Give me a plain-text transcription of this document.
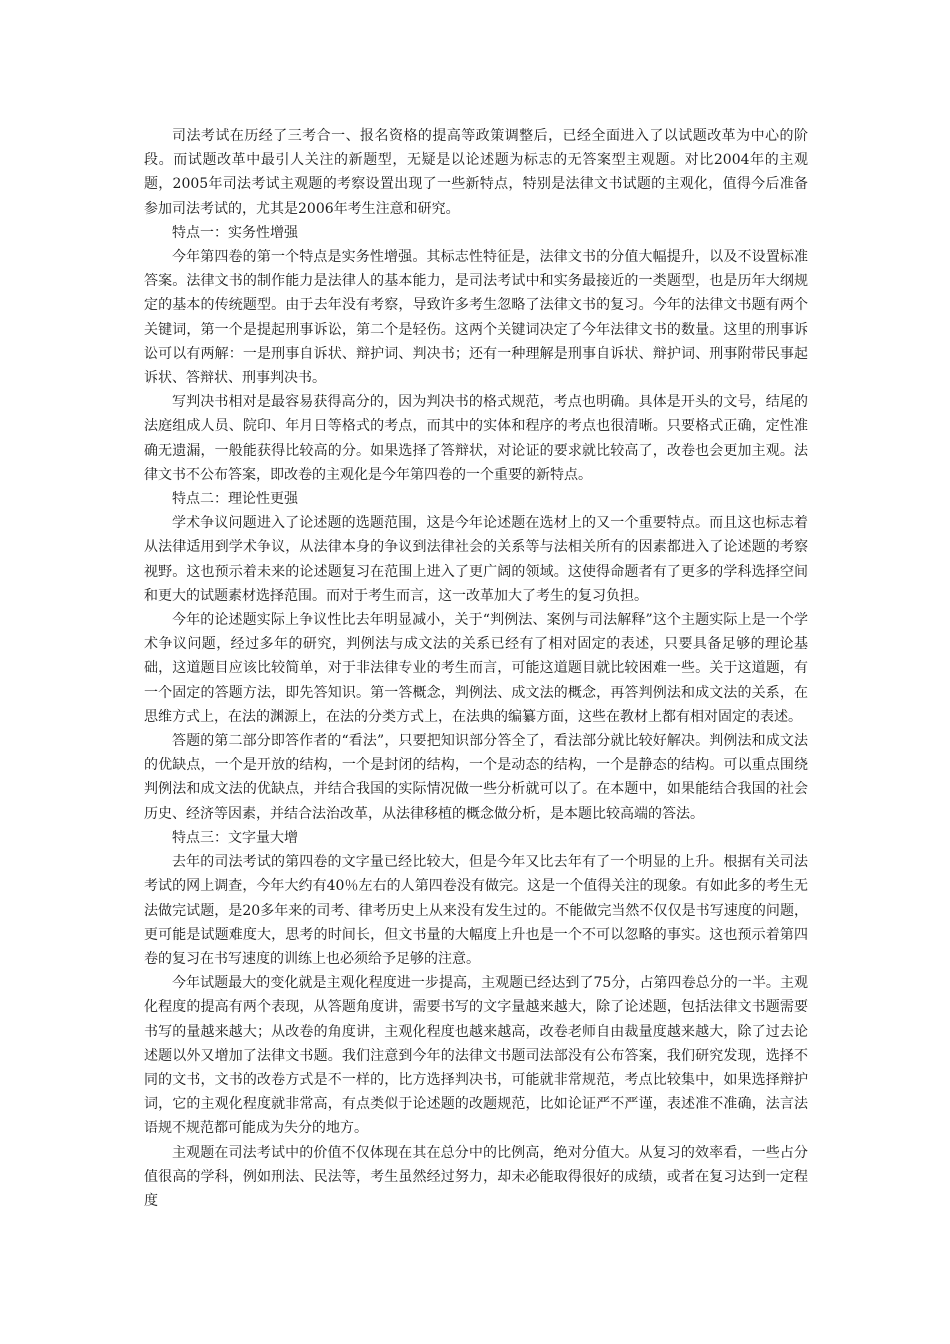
司法考试在历经了三考合一、报名资格的提高等政策调整后，已经全面进入了以试题改革为中心的阶段。而试题改革中最引人关注的新题型，无疑是以论述题为标志的无答案型主观题。对比2004年的主观题，2005年司法考试主观题的考察设置出现了一些新特点，特别是法律文书试题的主观化，值得今后准备参加司法考试的，尤其是2006年考生注意和研究。

特点一：实务性增强

今年第四卷的第一个特点是实务性增强。其标志性特征是，法律文书的分值大幅提升，以及不设置标准答案。法律文书的制作能力是法律人的基本能力，是司法考试中和实务最接近的一类题型，也是历年大纲规定的基本的传统题型。由于去年没有考察，导致许多考生忽略了法律文书的复习。今年的法律文书题有两个关键词，第一个是提起刑事诉讼，第二个是轻伤。这两个关键词决定了今年法律文书的数量。这里的刑事诉讼可以有两解：一是刑事自诉状、辩护词、判决书；还有一种理解是刑事自诉状、辩护词、刑事附带民事起诉状、答辩状、刑事判决书。

写判决书相对是最容易获得高分的，因为判决书的格式规范，考点也明确。具体是开头的文号，结尾的法庭组成人员、院印、年月日等格式的考点，而其中的实体和程序的考点也很清晰。只要格式正确，定性准确无遗漏，一般能获得比较高的分。如果选择了答辩状，对论证的要求就比较高了，改卷也会更加主观。法律文书不公布答案，即改卷的主观化是今年第四卷的一个重要的新特点。

特点二：理论性更强

学术争议问题进入了论述题的选题范围，这是今年论述题在选材上的又一个重要特点。而且这也标志着从法律适用到学术争议，从法律本身的争议到法律社会的关系等与法相关所有的因素都进入了论述题的考察视野。这也预示着未来的论述题复习在范围上进入了更广阔的领域。这使得命题者有了更多的学科选择空间和更大的试题素材选择范围。而对于考生而言，这一改革加大了考生的复习负担。

今年的论述题实际上争议性比去年明显减小，关于“判例法、案例与司法解释”这个主题实际上是一个学术争议问题，经过多年的研究，判例法与成文法的关系已经有了相对固定的表述，只要具备足够的理论基础，这道题目应该比较简单，对于非法律专业的考生而言，可能这道题目就比较困难一些。关于这道题，有一个固定的答题方法，即先答知识。第一答概念，判例法、成文法的概念，再答判例法和成文法的关系，在思维方式上，在法的渊源上，在法的分类方式上，在法典的编纂方面，这些在教材上都有相对固定的表述。

答题的第二部分即答作者的“看法”，只要把知识部分答全了，看法部分就比较好解决。判例法和成文法的优缺点，一个是开放的结构，一个是封闭的结构，一个是动态的结构，一个是静态的结构。可以重点围绕判例法和成文法的优缺点，并结合我国的实际情况做一些分析就可以了。在本题中，如果能结合我国的社会历史、经济等因素，并结合法治改革，从法律移植的概念做分析，是本题比较高端的答法。

特点三：文字量大增

去年的司法考试的第四卷的文字量已经比较大，但是今年又比去年有了一个明显的上升。根据有关司法考试的网上调查，今年大约有40％左右的人第四卷没有做完。这是一个值得关注的现象。有如此多的考生无法做完试题，是20多年来的司考、律考历史上从来没有发生过的。不能做完当然不仅仅是书写速度的问题，更可能是试题难度大，思考的时间长，但文书量的大幅度上升也是一个不可以忽略的事实。这也预示着第四卷的复习在书写速度的训练上也必须给予足够的注意。

今年试题最大的变化就是主观化程度进一步提高，主观题已经达到了75分，占第四卷总分的一半。主观化程度的提高有两个表现，从答题角度讲，需要书写的文字量越来越大，除了论述题，包括法律文书题需要书写的量越来越大；从改卷的角度讲，主观化程度也越来越高，改卷老师自由裁量度越来越大，除了过去论述题以外又增加了法律文书题。我们注意到今年的法律文书题司法部没有公布答案，我们研究发现，选择不同的文书，文书的改卷方式是不一样的，比方选择判决书，可能就非常规范，考点比较集中，如果选择辩护词，它的主观化程度就非常高，有点类似于论述题的改题规范，比如论证严不严谨，表述准不准确，法言法语规不规范都可能成为失分的地方。

主观题在司法考试中的价值不仅体现在其在总分中的比例高，绝对分值大。从复习的效率看，一些占分值很高的学科，例如刑法、民法等，考生虽然经过努力，却未必能取得很好的成绩，或者在复习达到一定程度
